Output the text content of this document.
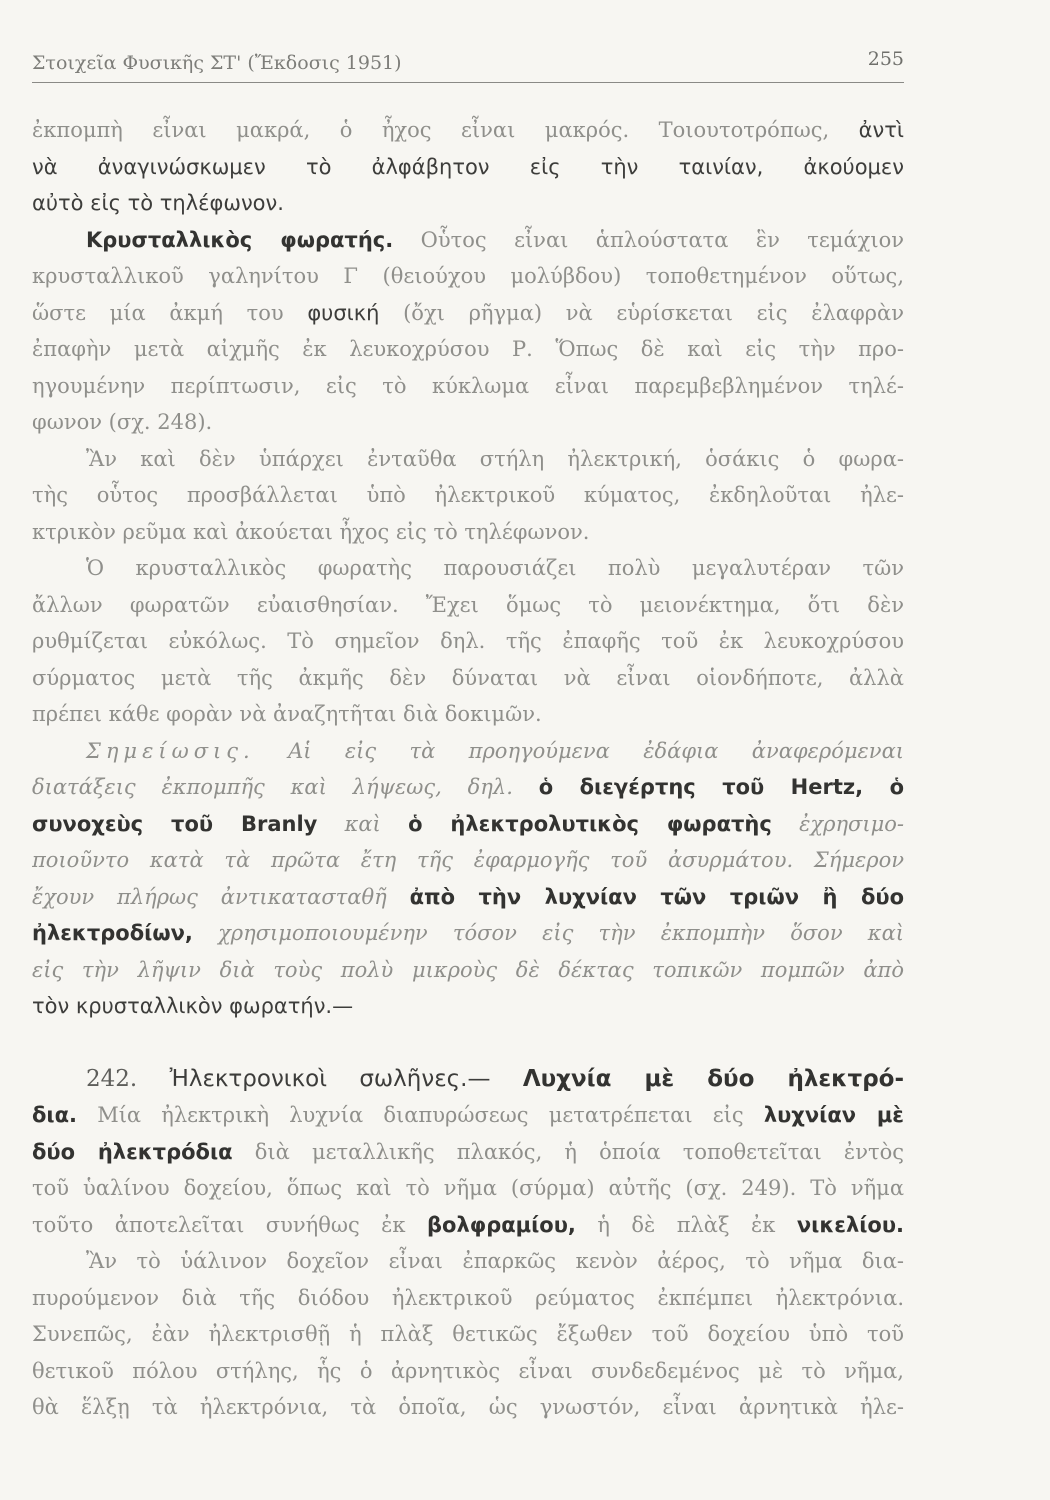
Στοιχεῖα Φυσικῆς ΣΤ' (Ἔκδοσις 1951)	255
ἐκπομπὴ εἶναι μακρά, ὁ ἦχος εἶναι μακρός. Τοιουτοτρόπως, ἀντὶ
νὰ ἀναγινώσκωμεν τὸ ἀλφάβητον εἰς τὴν ταινίαν, ἀκούομεν
αὐτὸ εἰς τὸ τηλέφωνον.
Κρυσταλλικὸς φωρατής. Οὗτος εἶναι ἁπλούστατα ἓν τεμάχιον
κρυσταλλικοῦ γαληνίτου Γ (θειούχου μολύβδου) τοποθετημένον οὕτως,
ὥστε μία ἀκμή του φυσική (ὄχι ρῆγμα) νὰ εὑρίσκεται εἰς ἐλαφρὰν
ἐπαφὴν μετὰ αἰχμῆς ἐκ λευκοχρύσου Ρ. Ὅπως δὲ καὶ εἰς τὴν προ-
ηγουμένην περίπτωσιν, εἰς τὸ κύκλωμα εἶναι παρεμβεβλημένον τηλέ-
φωνον (σχ. 248).
Ἂν καὶ δὲν ὑπάρχει ἐνταῦθα στήλη ἠλεκτρική, ὁσάκις ὁ φωρα-
τὴς οὗτος προσβάλλεται ὑπὸ ἠλεκτρικοῦ κύματος, ἐκδηλοῦται ἠλε-
κτρικὸν ρεῦμα καὶ ἀκούεται ἦχος εἰς τὸ τηλέφωνον.
Ὁ κρυσταλλικὸς φωρατὴς παρουσιάζει πολὺ μεγαλυτέραν τῶν
ἄλλων φωρατῶν εὐαισθησίαν. Ἔχει ὅμως τὸ μειονέκτημα, ὅτι δὲν
ρυθμίζεται εὐκόλως. Τὸ σημεῖον δηλ. τῆς ἐπαφῆς τοῦ ἐκ λευκοχρύσου
σύρματος μετὰ τῆς ἀκμῆς δὲν δύναται νὰ εἶναι οἱονδήποτε, ἀλλὰ
πρέπει κάθε φορὰν νὰ ἀναζητῆται διὰ δοκιμῶν.
Σημείωσις. Αἱ εἰς τὰ προηγούμενα ἐδάφια ἀναφερόμεναι
διατάξεις ἐκπομπῆς καὶ λήψεως, δηλ. ὁ διεγέρτης τοῦ Hertz, ὁ
συνοχεὺς τοῦ Branly καὶ ὁ ἠλεκτρολυτικὸς φωρατὴς ἐχρησιμο-
ποιοῦντο κατὰ τὰ πρῶτα ἔτη τῆς ἐφαρμογῆς τοῦ ἀσυρμάτου. Σήμερον
ἔχουν πλήρως ἀντικατασταθῆ ἀπὸ τὴν λυχνίαν τῶν τριῶν ἢ δύο
ἠλεκτροδίων, χρησιμοποιουμένην τόσον εἰς τὴν ἐκπομπὴν ὅσον καὶ
εἰς τὴν λῆψιν διὰ τοὺς πολὺ μικροὺς δὲ δέκτας τοπικῶν πομπῶν ἀπὸ
τὸν κρυσταλλικὸν φωρατήν.—
242. Ἠλεκτρονικοὶ σωλῆνες.— Λυχνία μὲ δύο ἠλεκτρό-
δια. Μία ἠλεκτρικὴ λυχνία διαπυρώσεως μετατρέπεται εἰς λυχνίαν μὲ
δύο ἠλεκτρόδια διὰ μεταλλικῆς πλακός, ἡ ὁποία τοποθετεῖται ἐντὸς
τοῦ ὑαλίνου δοχείου, ὅπως καὶ τὸ νῆμα (σύρμα) αὐτῆς (σχ. 249). Τὸ νῆμα
τοῦτο ἀποτελεῖται συνήθως ἐκ βολφραμίου, ἡ δὲ πλὰξ ἐκ νικελίου.
Ἂν τὸ ὑάλινον δοχεῖον εἶναι ἐπαρκῶς κενὸν ἀέρος, τὸ νῆμα δια-
πυρούμενον διὰ τῆς διόδου ἠλεκτρικοῦ ρεύματος ἐκπέμπει ἠλεκτρόνια.
Συνεπῶς, ἐὰν ἠλεκτρισθῇ ἡ πλὰξ θετικῶς ἔξωθεν τοῦ δοχείου ὑπὸ τοῦ
θετικοῦ πόλου στήλης, ἧς ὁ ἀρνητικὸς εἶναι συνδεδεμένος μὲ τὸ νῆμα,
θὰ ἕλξῃ τὰ ἠλεκτρόνια, τὰ ὁποῖα, ὡς γνωστόν, εἶναι ἀρνητικὰ ἠλε-
